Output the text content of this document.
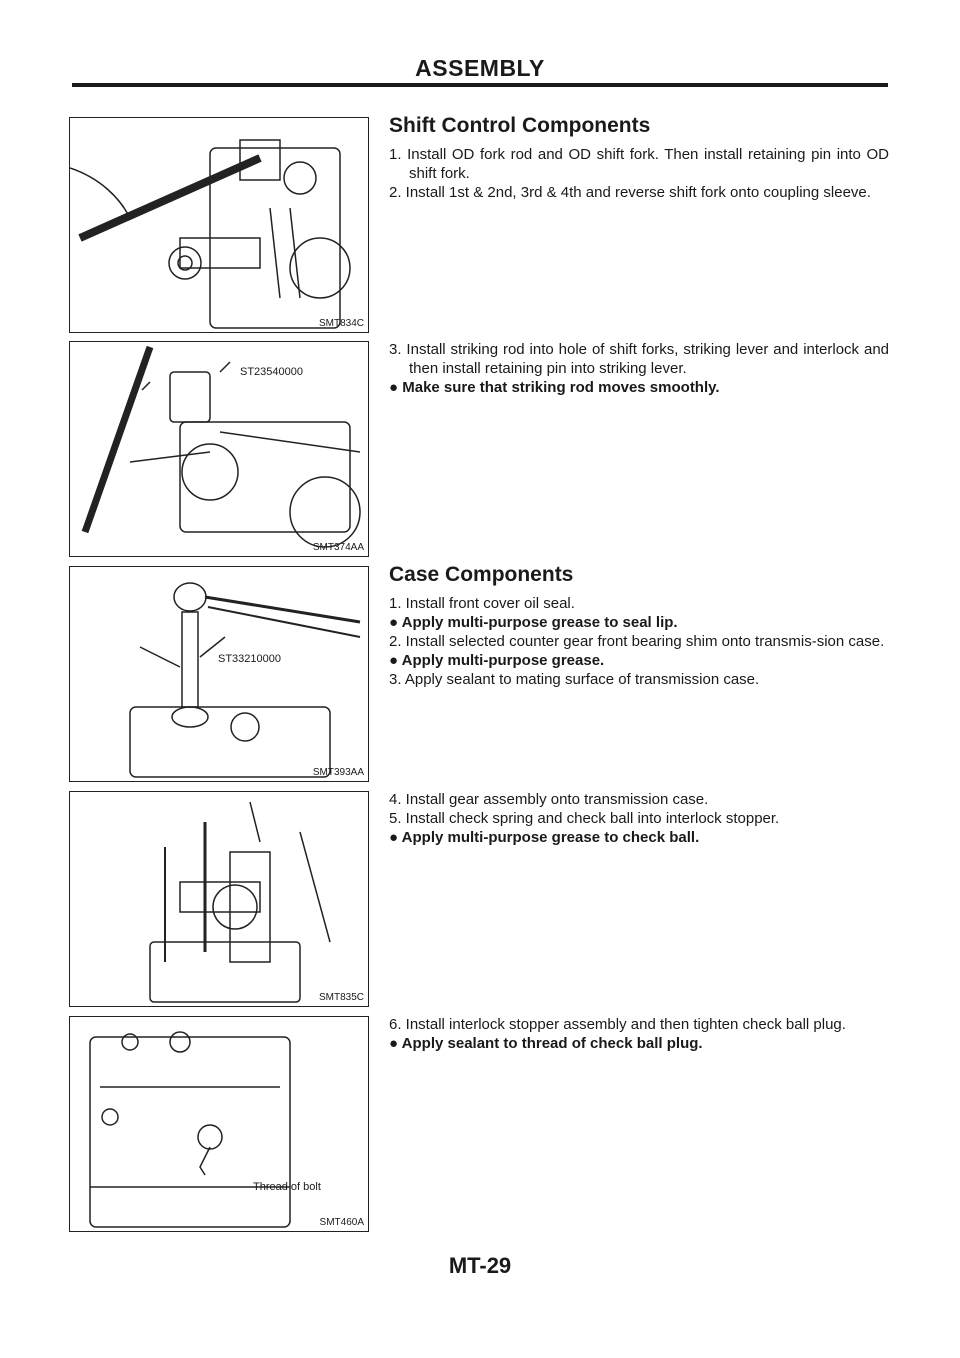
ASSEMBLY
SMT834C
ST23540000
SMT374AA
ST33210000
SMT393AA
SMT835C
Thread of bolt
SMT460A
Shift Control Components
1. Install OD fork rod and OD shift fork. Then install retaining pin into OD shift fork.
2. Install 1st & 2nd, 3rd & 4th and reverse shift fork onto coupling sleeve.
3. Install striking rod into hole of shift forks, striking lever and interlock and then install retaining pin into striking lever.
● Make sure that striking rod moves smoothly.
Case Components
1. Install front cover oil seal.
● Apply multi-purpose grease to seal lip.
2. Install selected counter gear front bearing shim onto transmis-sion case.
● Apply multi-purpose grease.
3. Apply sealant to mating surface of transmission case.
4. Install gear assembly onto transmission case.
5. Install check spring and check ball into interlock stopper.
● Apply multi-purpose grease to check ball.
6. Install interlock stopper assembly and then tighten check ball plug.
● Apply sealant to thread of check ball plug.
MT-29
